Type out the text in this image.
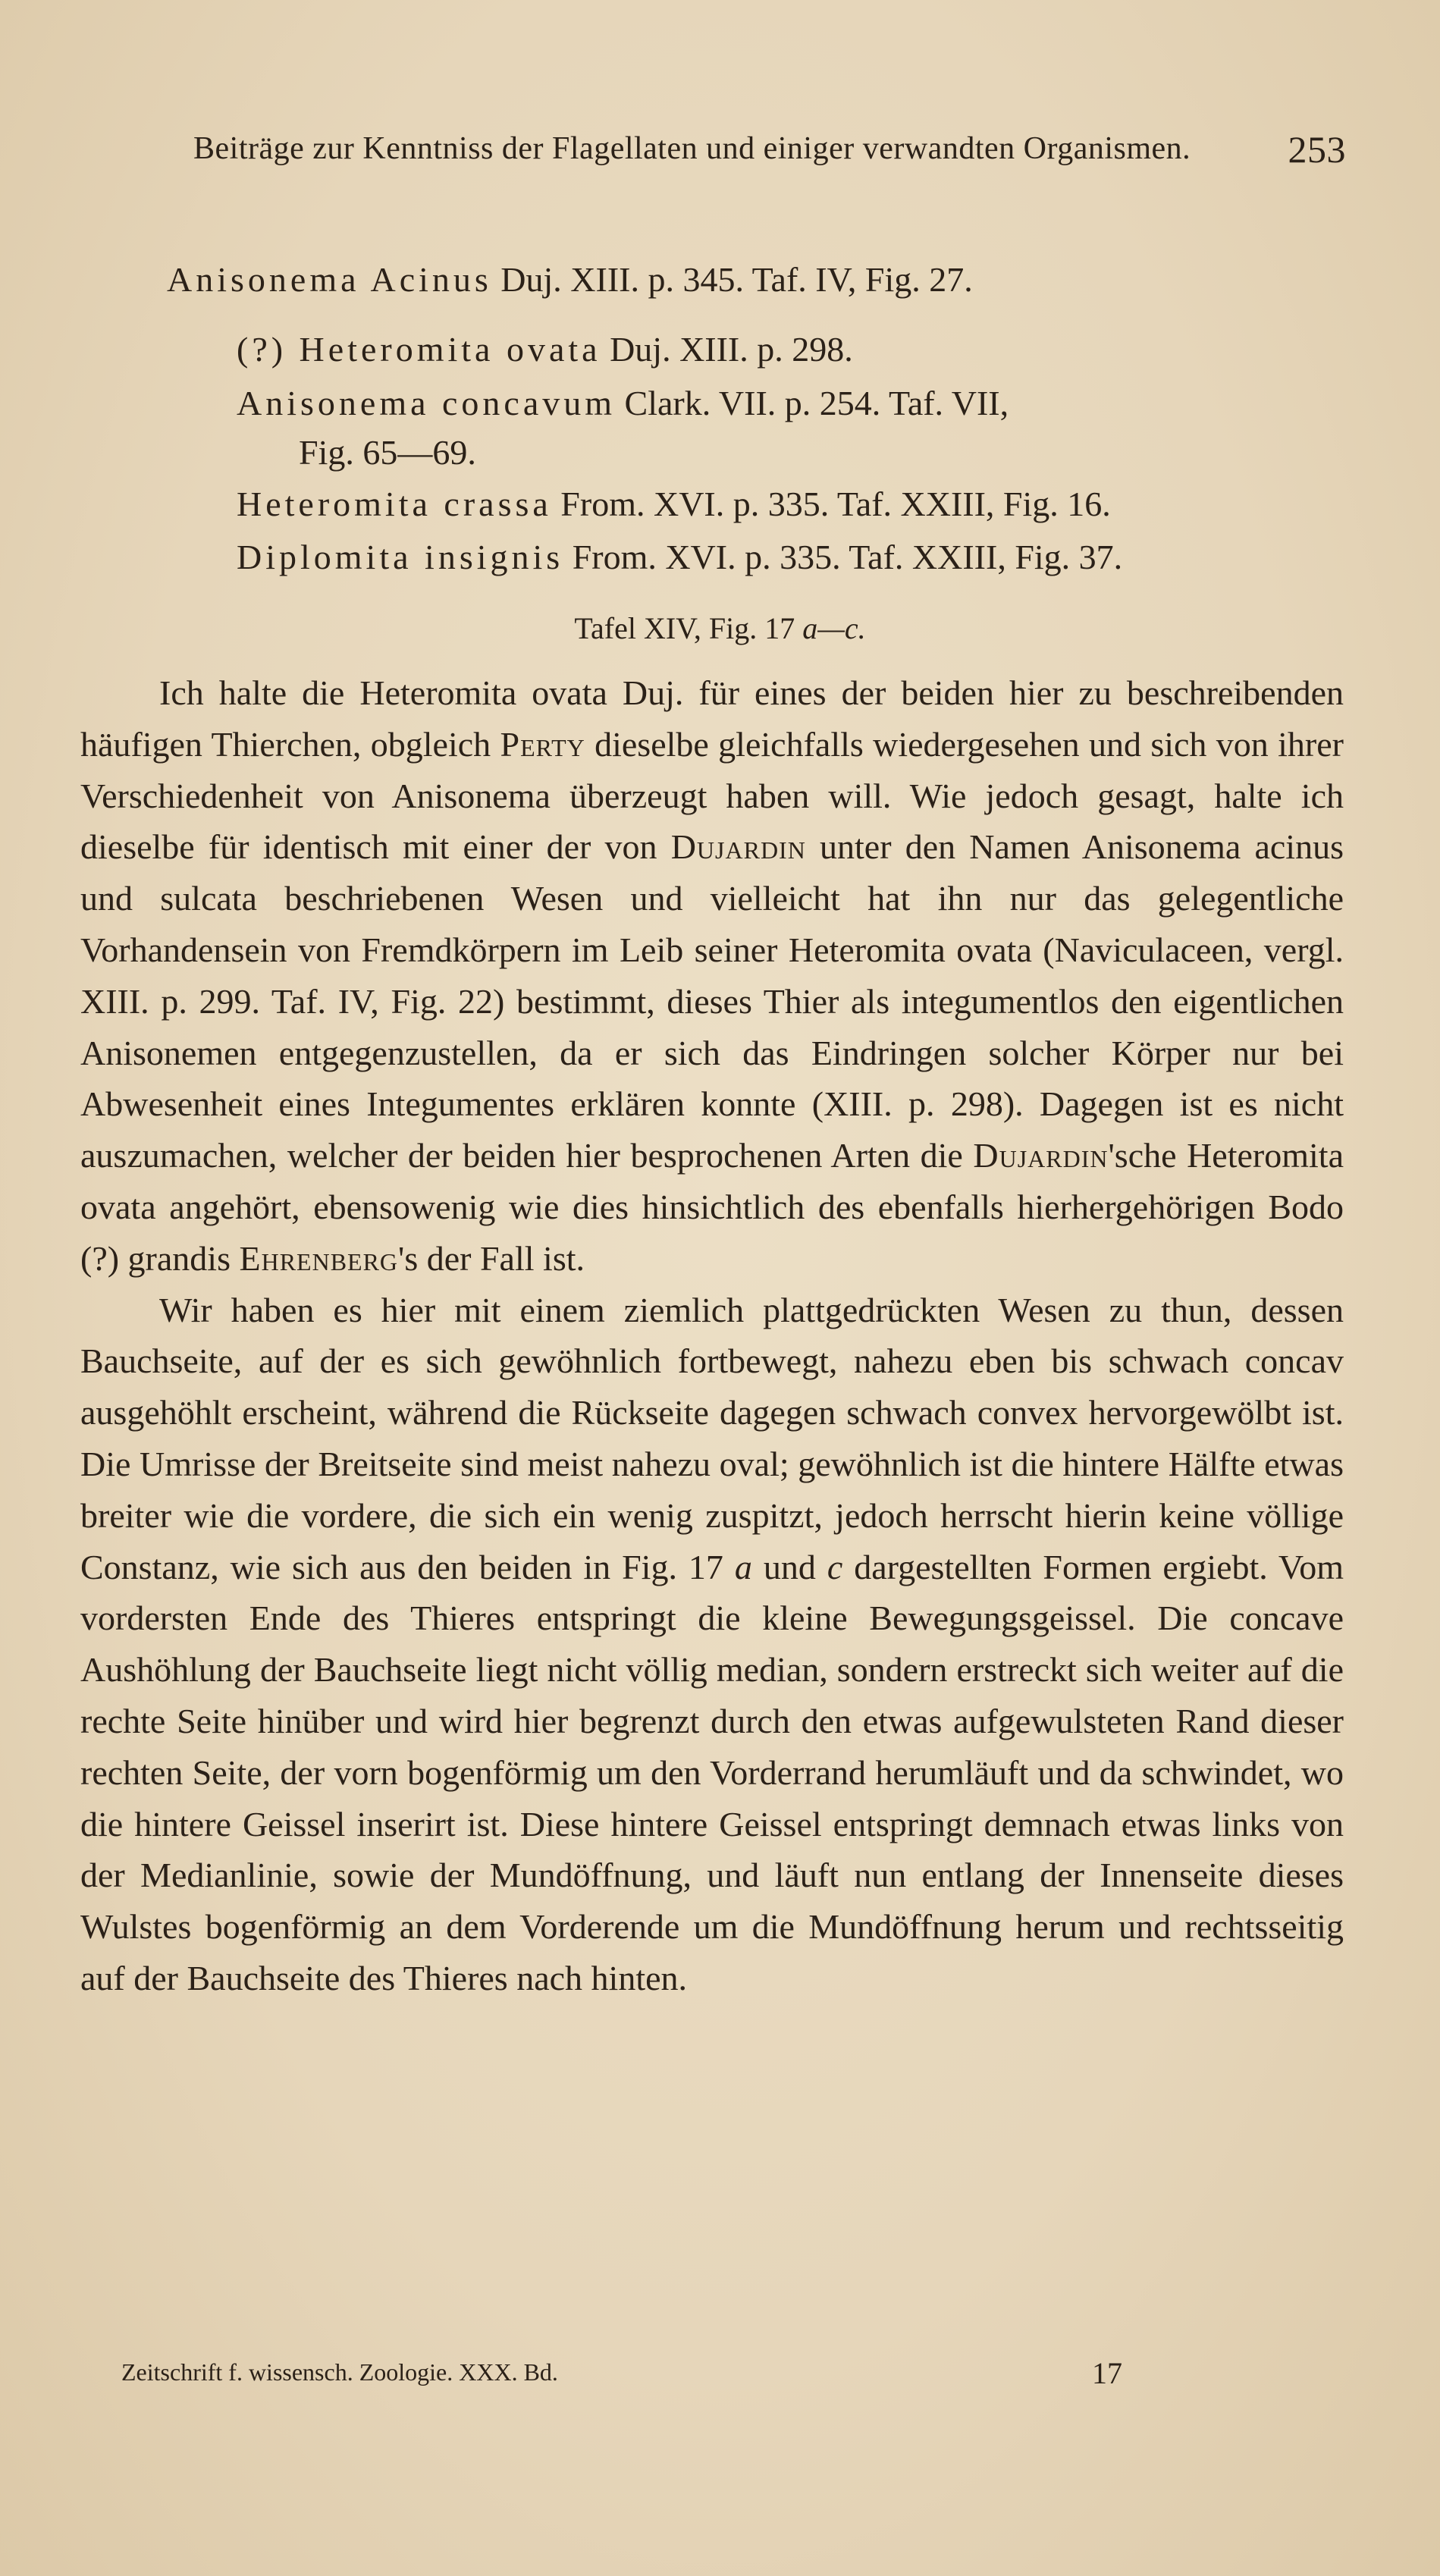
Beiträge zur Kenntniss der Flagellaten und einiger verwandten Organismen.	253
Anisonema Acinus Duj. XIII. p. 345. Taf. IV, Fig. 27.
(?) Heteromita ovata Duj. XIII. p. 298.
Anisonema concavum Clark. VII. p. 254. Taf. VII,
Fig. 65—69.
Heteromita crassa From. XVI. p. 335. Taf. XXIII, Fig. 16.
Diplomita insignis From. XVI. p. 335. Taf. XXIII, Fig. 37.
Tafel XIV, Fig. 17 a—c.

Ich halte die Heteromita ovata Duj. für eines der beiden hier zu beschreibenden häufigen Thierchen, obgleich Perty dieselbe gleichfalls wiedergesehen und sich von ihrer Verschiedenheit von Anisonema überzeugt haben will. Wie jedoch gesagt, halte ich dieselbe für identisch mit einer der von Dujardin unter den Namen Anisonema acinus und sulcata beschriebenen Wesen und vielleicht hat ihn nur das gelegentliche Vorhandensein von Fremdkörpern im Leib seiner Heteromita ovata (Naviculaceen, vergl. XIII. p. 299. Taf. IV, Fig. 22) bestimmt, dieses Thier als integumentlos den eigentlichen Anisonemen entgegenzustellen, da er sich das Eindringen solcher Körper nur bei Abwesenheit eines Integumentes erklären konnte (XIII. p. 298). Dagegen ist es nicht auszumachen, welcher der beiden hier besprochenen Arten die Dujardin'sche Heteromita ovata angehört, ebensowenig wie dies hinsichtlich des ebenfalls hierhergehörigen Bodo (?) grandis Ehrenberg's der Fall ist.

Wir haben es hier mit einem ziemlich plattgedrückten Wesen zu thun, dessen Bauchseite, auf der es sich gewöhnlich fortbewegt, nahezu eben bis schwach concav ausgehöhlt erscheint, während die Rückseite dagegen schwach convex hervorgewölbt ist. Die Umrisse der Breitseite sind meist nahezu oval; gewöhnlich ist die hintere Hälfte etwas breiter wie die vordere, die sich ein wenig zuspitzt, jedoch herrscht hierin keine völlige Constanz, wie sich aus den beiden in Fig. 17 a und c dargestellten Formen ergiebt. Vom vordersten Ende des Thieres entspringt die kleine Bewegungsgeissel. Die concave Aushöhlung der Bauchseite liegt nicht völlig median, sondern erstreckt sich weiter auf die rechte Seite hinüber und wird hier begrenzt durch den etwas aufgewulsteten Rand dieser rechten Seite, der vorn bogenförmig um den Vorderrand herumläuft und da schwindet, wo die hintere Geissel inserirt ist. Diese hintere Geissel entspringt demnach etwas links von der Medianlinie, sowie der Mundöffnung, und läuft nun entlang der Innenseite dieses Wulstes bogenförmig an dem Vorderende um die Mundöffnung herum und rechtsseitig auf der Bauchseite des Thieres nach hinten.

Zeitschrift f. wissensch. Zoologie. XXX. Bd.	17
